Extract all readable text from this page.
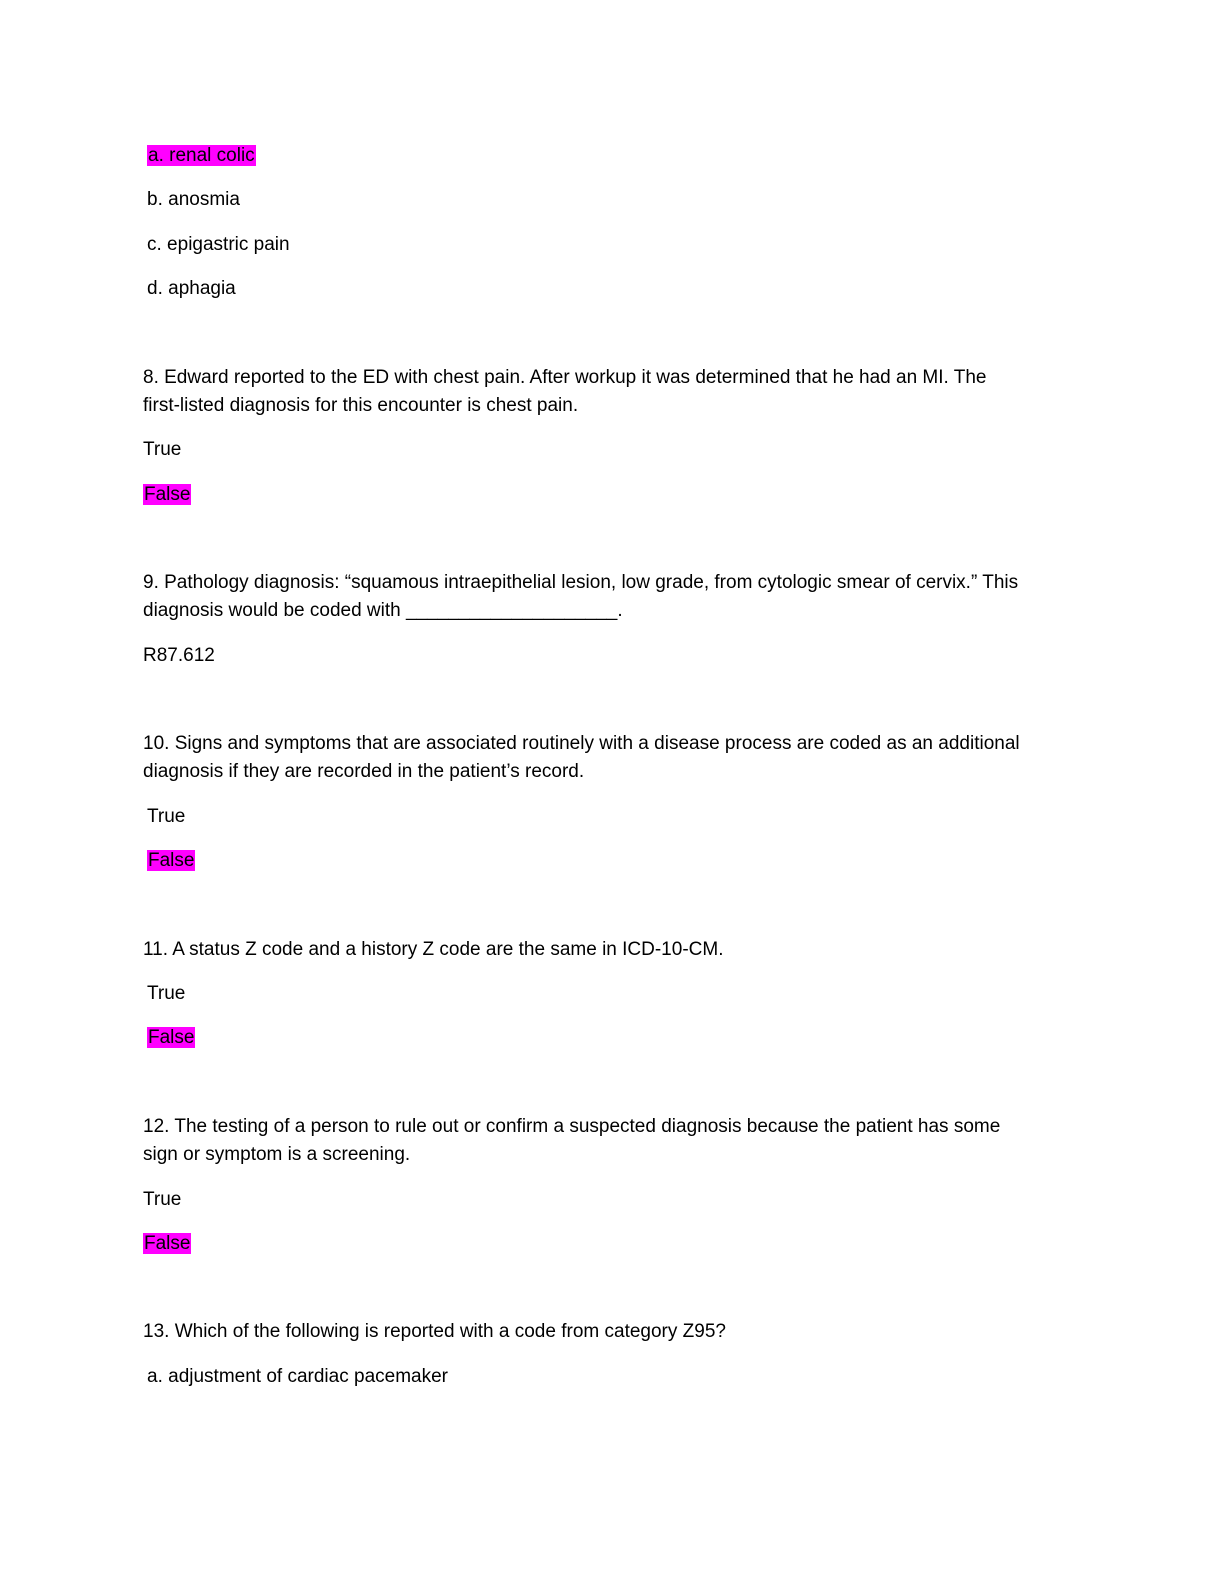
a. renal colic
b. anosmia
c. epigastric pain
d. aphagia
8. Edward reported to the ED with chest pain. After workup it was determined that he had an MI. The
first-listed diagnosis for this encounter is chest pain.
True
False
9. Pathology diagnosis: “squamous intraepithelial lesion, low grade, from cytologic smear of cervix.” This
diagnosis would be coded with ____________________.
R87.612
10. Signs and symptoms that are associated routinely with a disease process are coded as an additional
diagnosis if they are recorded in the patient’s record.
True
False
11. A status Z code and a history Z code are the same in ICD-10-CM.
True
False
12. The testing of a person to rule out or confirm a suspected diagnosis because the patient has some
sign or symptom is a screening.
True
False
13. Which of the following is reported with a code from category Z95?
a. adjustment of cardiac pacemaker
